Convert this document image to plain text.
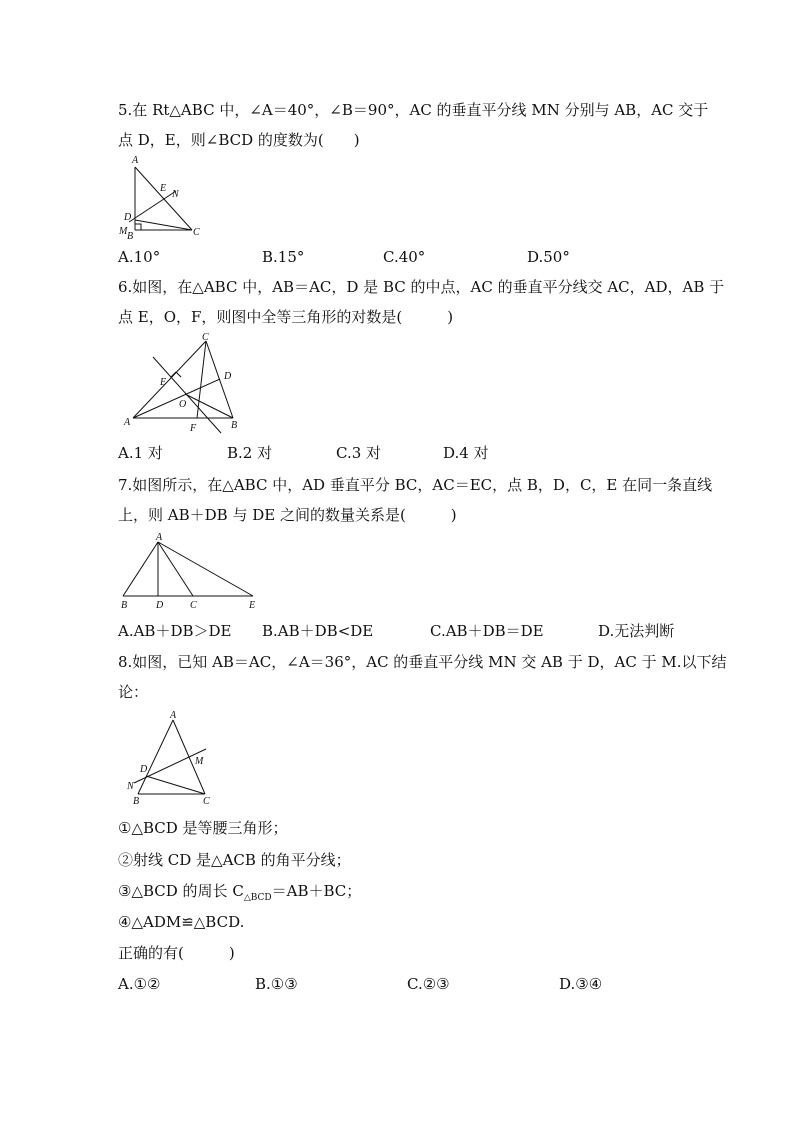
5.在 Rt△ABC 中，∠A＝40°，∠B＝90°，AC 的垂直平分线 MN 分别与 AB，AC 交于
点 D，E，则∠BCD 的度数为(　　)
A
E
N
D
M B	C
A.10°	B.15°	C.40°	D.50°
6.如图，在△ABC 中，AB＝AC，D 是 BC 的中点，AC 的垂直平分线交 AC，AD，AB 于
点 E，O，F，则图中全等三角形的对数是(　　　)
C
D
E
O
A
F	B
A.1 对	B.2 对	C.3 对	D.4 对
7.如图所示，在△ABC 中，AD 垂直平分 BC，AC＝EC，点 B，D，C，E 在同一条直线
上，则 AB＋DB 与 DE 之间的数量关系是(　　　)
A
B	D	C	E
A.AB＋DB＞DE B.AB＋DB<DE	C.AB＋DB＝DE	D.无法判断
8.如图，已知 AB＝AC，∠A＝36°，AC 的垂直平分线 MN 交 AB 于 D，AC 于 M.以下结
论：
A
M
D
N
B	C
①△BCD 是等腰三角形；
②射线 CD 是△ACB 的角平分线；
③△BCD 的周长 $C_{\triangle BCD}=AB+BC$；
④△ADM≌△BCD.
正确的有(　　　)
A.①②	B.①③	C.②③	D.③④
